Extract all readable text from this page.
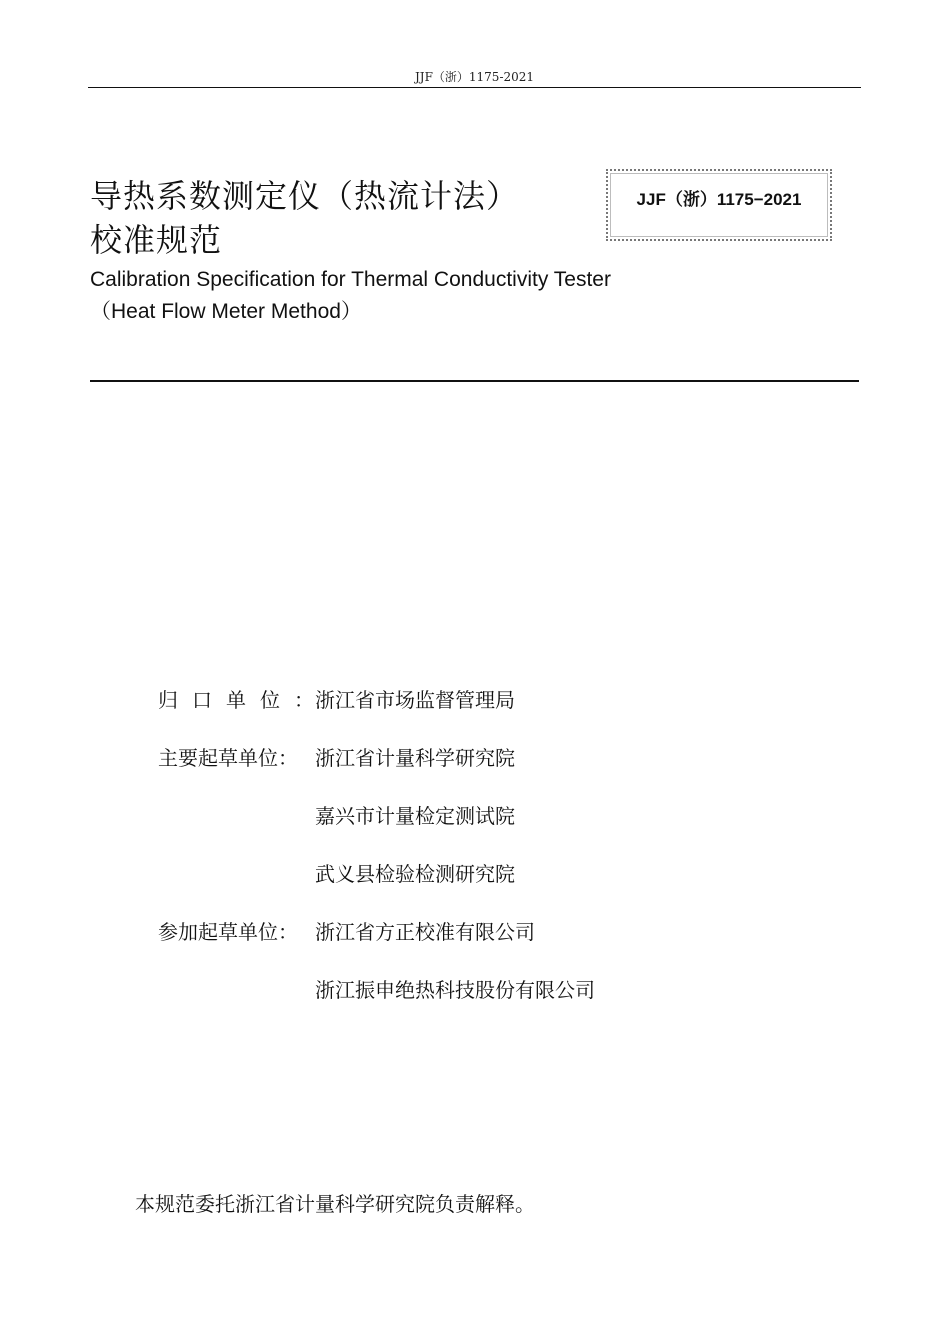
JJF（浙）1175-2021
导热系数测定仪（热流计法）
校准规范
JJF（浙）1175−2021
Calibration Specification for Thermal Conductivity Tester
（Heat Flow Meter Method）
归口单位：
浙江省市场监督管理局
主要起草单位： 浙江省计量科学研究院
嘉兴市计量检定测试院
武义县检验检测研究院
参加起草单位： 浙江省方正校准有限公司
浙江振申绝热科技股份有限公司
本规范委托浙江省计量科学研究院负责解释。
